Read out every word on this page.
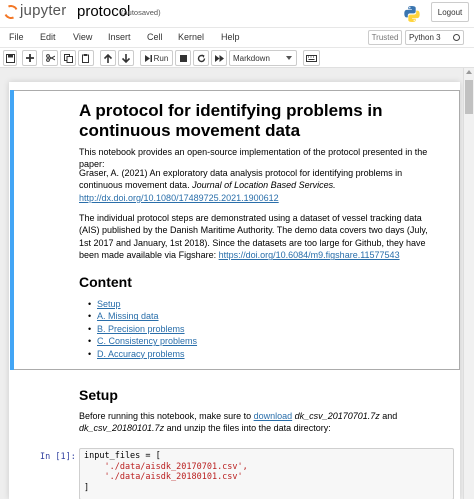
jupyter protocol
(autosaved)	Logout
File Edit View Insert Cell Kernel Help	Trusted	Python 3
Run	Markdown
A protocol for identifying problems in continuous movement data
This notebook provides an open-source implementation of the protocol presented in the paper:
Graser, A. (2021) An exploratory data analysis protocol for identifying problems in continuous movement data. Journal of Location Based Services.
http://dx.doi.org/10.1080/17489725.2021.1900612
The individual protocol steps are demonstrated using a dataset of vessel tracking data (AIS) published by the Danish Maritime Authority. The demo data covers two days (July, 1st 2017 and January, 1st 2018). Since the datasets are too large for Github, they have been made available via Figshare: https://doi.org/10.6084/m9.figshare.11577543
Content
• Setup
• A. Missing data
• B. Precision problems
• C. Consistency problems
• D. Accuracy problems
Setup
Before running this notebook, make sure to download dk_csv_20170701.7z and dk_csv_20180101.7z and unzip the files into the data directory:
In [1]: input_files = [
'./data/aisdk_20170701.csv',
'./data/aisdk_20180101.csv'
]
